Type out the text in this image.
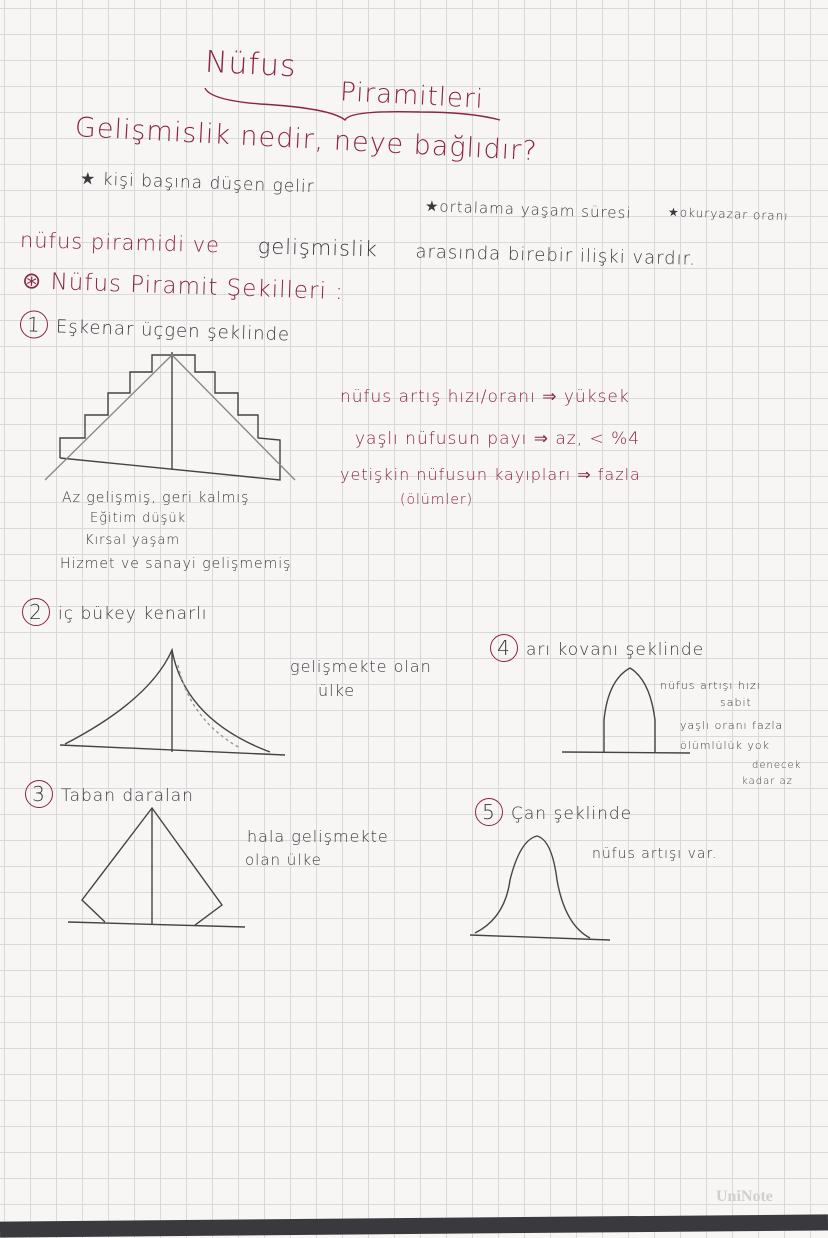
Nüfus
Piramitleri
Gelişmislik nedir, neye bağlıdır?
★ kişi başına düşen gelir
★ortalama yaşam süresi	★okuryazar oranı
nüfus piramidi ve gelişmislik arasında birebir ilişki vardır.
⊛ Nüfus Piramit Şekilleri :
1 Eşkenar üçgen şeklinde
nüfus artış hızı/oranı ⇒ yüksek
yaşlı nüfusun payı ⇒ az, < %4
yetişkin nüfusun kayıpları ⇒ fazla
(ölümler)
Az gelişmiş, geri kalmış
Eğitim düşük
Kırsal yaşam
Hizmet ve sanayi gelişmemiş
2 iç bükey kenarlı
gelişmekte olan
ülke
3 Taban daralan
hala gelişmekte
olan ülke
4 arı kovanı şeklinde
nüfus artışı hızı
sabit
yaşlı oranı fazla
ölümlülük yok
denecek
kadar az
5 Çan şeklinde
nüfus artışı var.
UniNote
